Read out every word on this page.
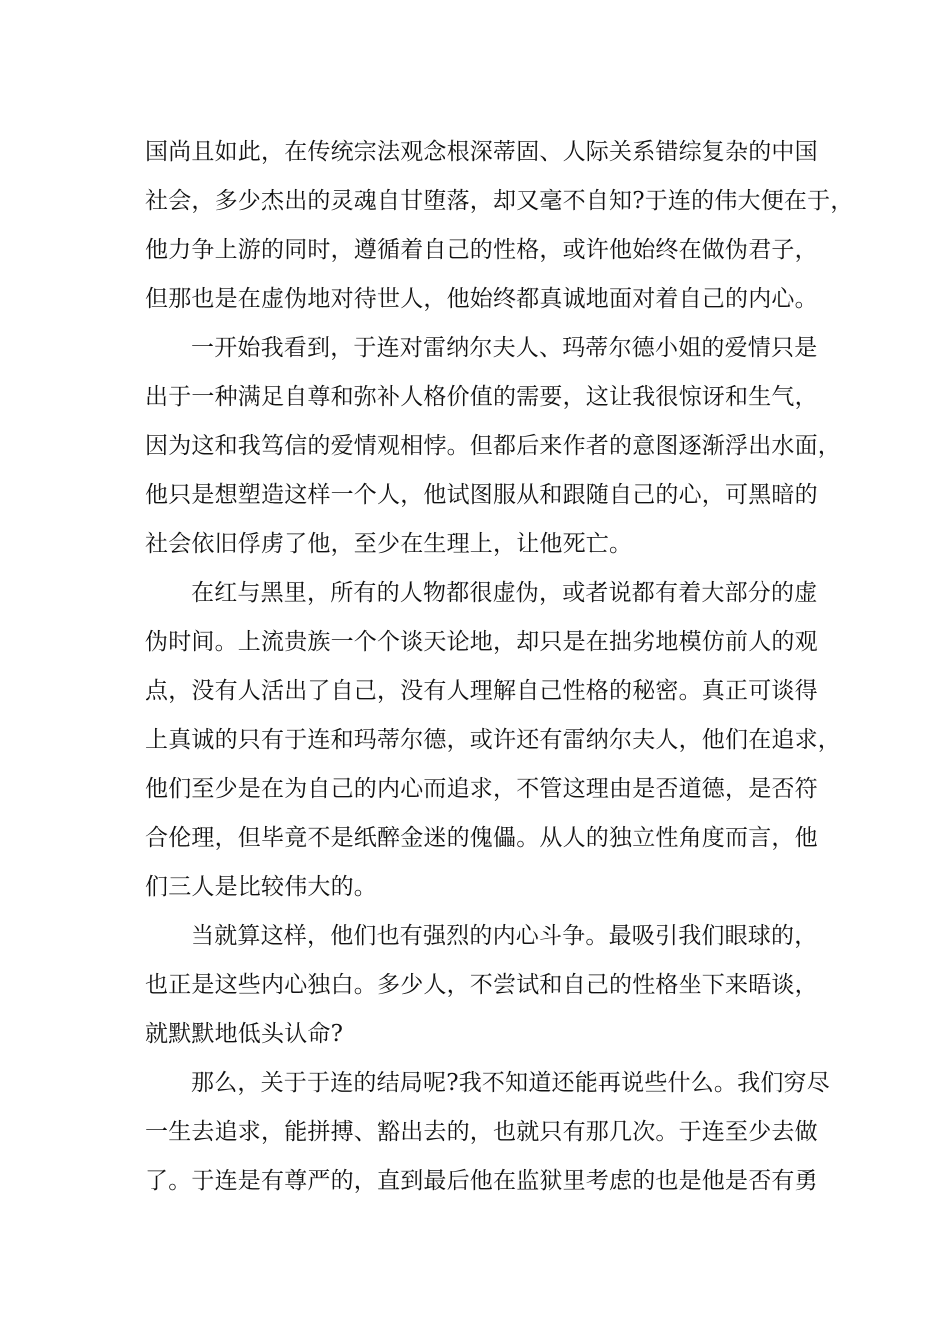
国尚且如此，在传统宗法观念根深蒂固、人际关系错综复杂的中国
社会，多少杰出的灵魂自甘堕落，却又毫不自知?于连的伟大便在于，
他力争上游的同时，遵循着自己的性格，或许他始终在做伪君子，
但那也是在虚伪地对待世人，他始终都真诚地面对着自己的内心。

一开始我看到，于连对雷纳尔夫人、玛蒂尔德小姐的爱情只是
出于一种满足自尊和弥补人格价值的需要，这让我很惊讶和生气，
因为这和我笃信的爱情观相悖。但都后来作者的意图逐渐浮出水面，
他只是想塑造这样一个人，他试图服从和跟随自己的心，可黑暗的
社会依旧俘虏了他，至少在生理上，让他死亡。

在红与黑里，所有的人物都很虚伪，或者说都有着大部分的虚
伪时间。上流贵族一个个谈天论地，却只是在拙劣地模仿前人的观
点，没有人活出了自己，没有人理解自己性格的秘密。真正可谈得
上真诚的只有于连和玛蒂尔德，或许还有雷纳尔夫人，他们在追求，
他们至少是在为自己的内心而追求，不管这理由是否道德，是否符
合伦理，但毕竟不是纸醉金迷的傀儡。从人的独立性角度而言，他
们三人是比较伟大的。

当就算这样，他们也有强烈的内心斗争。最吸引我们眼球的，
也正是这些内心独白。多少人，不尝试和自己的性格坐下来晤谈，
就默默地低头认命?

那么，关于于连的结局呢?我不知道还能再说些什么。我们穷尽
一生去追求，能拼搏、豁出去的，也就只有那几次。于连至少去做
了。于连是有尊严的，直到最后他在监狱里考虑的也是他是否有勇
